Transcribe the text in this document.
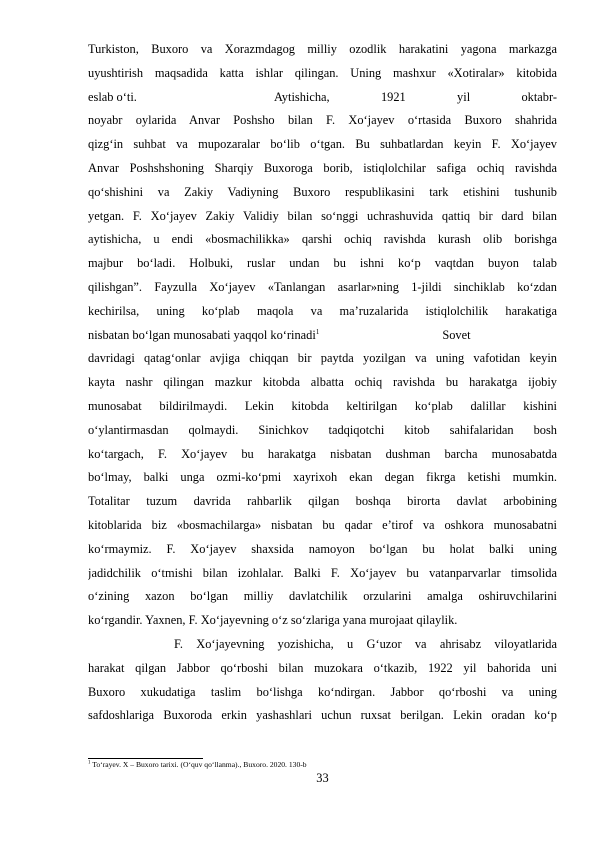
Turkiston, Buxoro va Xorazmdagog milliy ozodlik harakatini yagona markazga
uyushtirish maqsadida katta ishlar qilingan. Uning mashxur «Xotiralar» kitobida
eslab o‘ti.	Aytishicha, 1921 yil oktabr-
noyabr oylarida Anvar Poshsho bilan F. Xo‘jayev o‘rtasida Buxoro shahrida
qizg‘in suhbat va mupozaralar bo‘lib o‘tgan. Bu suhbatlardan keyin F. Xo‘jayev
Anvar Poshshshoning Sharqiy Buxoroga borib, istiqlolchilar safiga ochiq ravishda
qo‘shishini va Zakiy Vadiyning Buxoro respublikasini tark etishini tushunib
yetgan. F. Xo‘jayev Zakiy Validiy bilan so‘nggi uchrashuvida qattiq bir dard bilan
aytishicha, u endi «bosmachilikka» qarshi ochiq ravishda kurash olib borishga
majbur bo‘ladi. Holbuki, ruslar undan bu ishni ko‘p vaqtdan buyon talab
qilishgan”. Fayzulla Xo‘jayev «Tanlangan asarlar»ning 1-jildi sinchiklab ko‘zdan
kechirilsa, uning ko‘plab maqola va ma’ruzalarida istiqlolchilik harakatiga
nisbatan bo‘lgan munosabati yaqqol ko‘rinadi$^1$	Sovet
davridagi qatag‘onlar avjiga chiqqan bir paytda yozilgan va uning vafotidan keyin
kayta nashr qilingan mazkur kitobda albatta ochiq ravishda bu harakatga ijobiy
munosabat bildirilmaydi. Lekin kitobda keltirilgan ko‘plab dalillar kishini
o‘ylantirmasdan qolmaydi. Sinichkov tadqiqotchi kitob sahifalaridan bosh
ko‘targach, F. Xo‘jayev bu harakatga nisbatan dushman barcha munosabatda
bo‘lmay, balki unga ozmi-ko‘pmi xayrixoh ekan degan fikrga ketishi mumkin.
Totalitar tuzum davrida rahbarlik qilgan boshqa birorta davlat arbobining
kitoblarida biz «bosmachilarga» nisbatan bu qadar e’tirof va oshkora munosabatni
ko‘rmaymiz. F. Xo‘jayev shaxsida namoyon bo‘lgan bu holat balki uning
jadidchilik o‘tmishi bilan izohlalar. Balki F. Xo‘jayev bu vatanparvarlar timsolida
o‘zining xazon bo‘lgan milliy davlatchilik orzularini amalga oshiruvchilarini
ko‘rgandir. Yaxnen, F. Xo‘jayevning o‘z so‘zlariga yana murojaat qilaylik.
F. Xo‘jayevning yozishicha, u G‘uzor va ahrisabz viloyatlarida
harakat qilgan Jabbor qo‘rboshi bilan muzokara o‘tkazib, 1922 yil bahorida uni
Buxoro xukudatiga taslim bo‘lishga ko‘ndirgan. Jabbor qo‘rboshi va uning
safdoshlariga Buxoroda erkin yashashlari uchun ruxsat berilgan. Lekin oradan ko‘p
$^1$ To‘rayev. X – Buxoro tarixi. (O‘quv qo‘llanma)., Buxoro. 2020. 130-b
33
